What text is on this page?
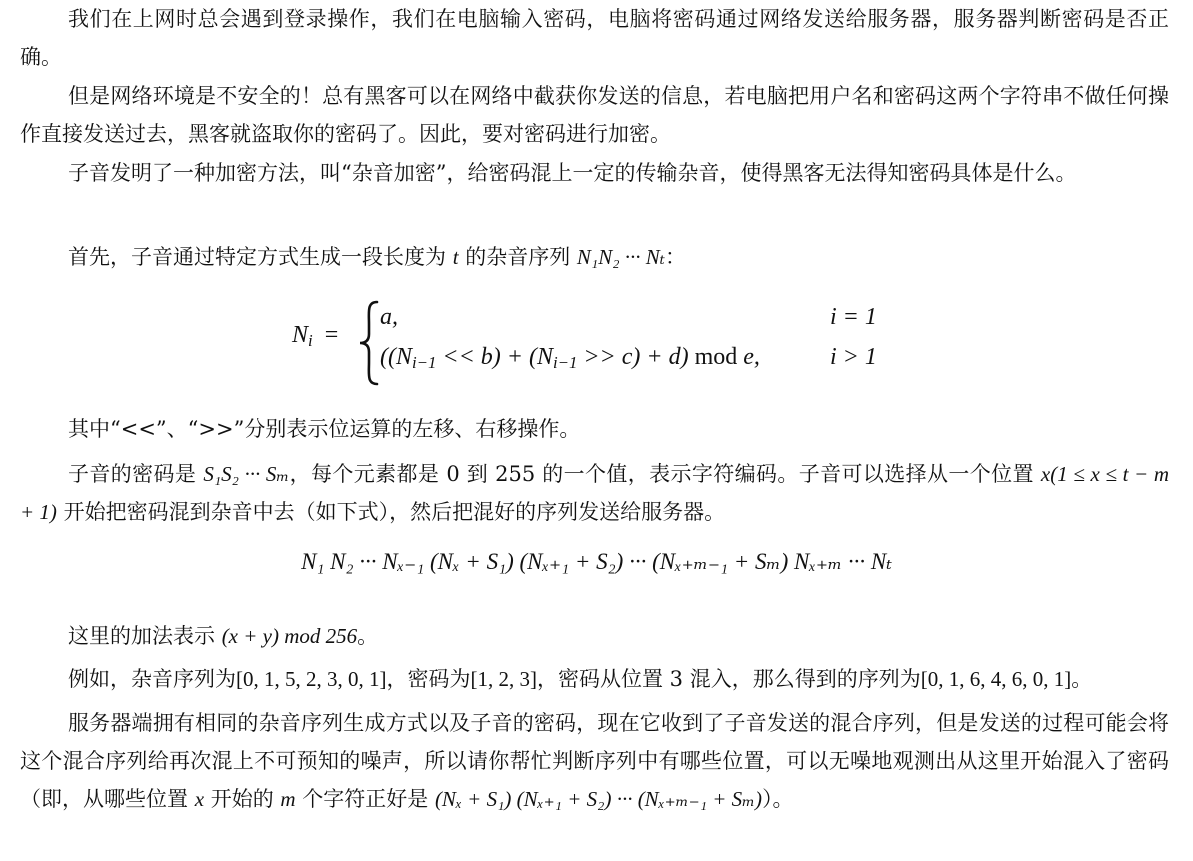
我们在上网时总会遇到登录操作，我们在电脑输入密码，电脑将密码通过网络发送给服务器，服务器判断密码是否正确。

但是网络环境是不安全的！总有黑客可以在网络中截获你发送的信息，若电脑把用户名和密码这两个字符串不做任何操作直接发送过去，黑客就盗取你的密码了。因此，要对密码进行加密。

子音发明了一种加密方法，叫“杂音加密”，给密码混上一定的传输杂音，使得黑客无法得知密码具体是什么。

首先，子音通过特定方式生成一段长度为 t 的杂音序列 N₁N₂ ··· Nₜ：

$N_i$  =
a,	i = 1
$((N_{i-1} << b) + (N_{i-1} >> c) + d)$ mod e,	i > 1

其中“<<”、“>>”分别表示位运算的左移、右移操作。

子音的密码是 S₁S₂ ··· Sₘ，每个元素都是 0 到 255 的一个值，表示字符编码。子音可以选择从一个位置 x(1 ≤ x ≤ t − m + 1) 开始把密码混到杂音中去（如下式），然后把混好的序列发送给服务器。

N₁ N₂ ··· Nₓ₋₁ (Nₓ + S₁) (Nₓ₊₁ + S₂) ··· (Nₓ₊ₘ₋₁ + Sₘ) Nₓ₊ₘ ··· Nₜ

这里的加法表示 (x + y) mod 256。

例如，杂音序列为[0, 1, 5, 2, 3, 0, 1]，密码为[1, 2, 3]，密码从位置 3 混入，那么得到的序列为[0, 1, 6, 4, 6, 0, 1]。

服务器端拥有相同的杂音序列生成方式以及子音的密码，现在它收到了子音发送的混合序列，但是发送的过程可能会将这个混合序列给再次混上不可预知的噪声，所以请你帮忙判断序列中有哪些位置，可以无噪地观测出从这里开始混入了密码（即，从哪些位置 x 开始的 m 个字符正好是 (Nₓ + S₁) (Nₓ₊₁ + S₂) ··· (Nₓ₊ₘ₋₁ + Sₘ)）。
